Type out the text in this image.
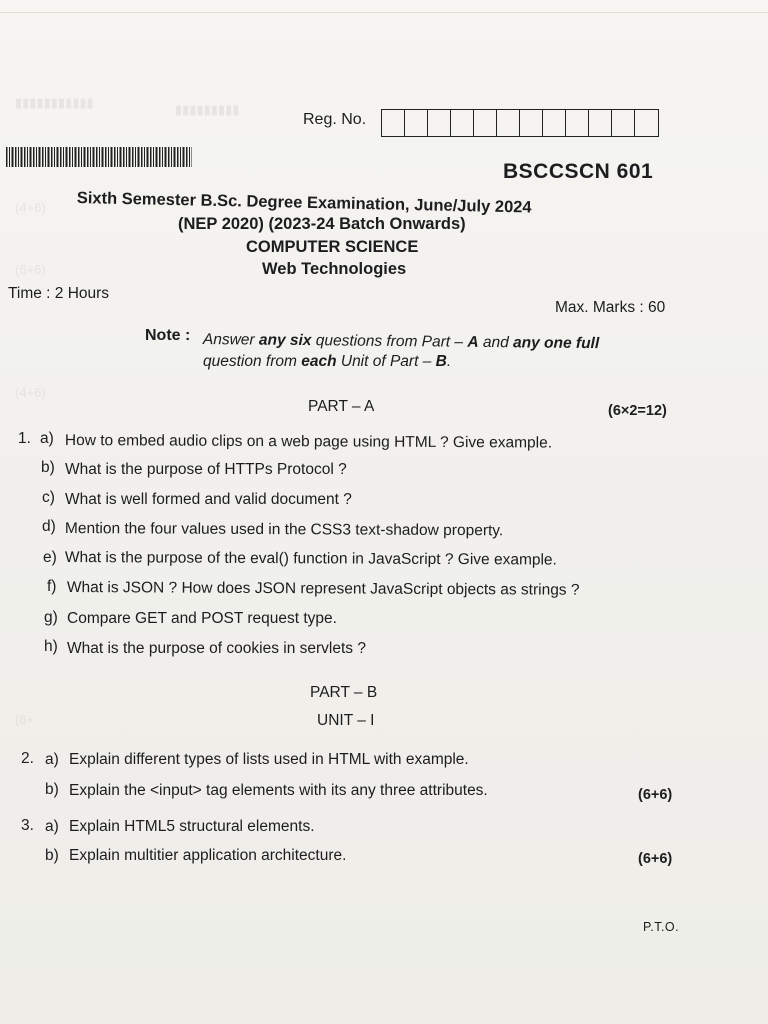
▮▮▮▮▮▮▮▮▮▮▮	▮▮▮▮▮▮▮▮▮
(4+6)
(6+6)
(4+6)
(6+
Reg. No.
BSCCSCN 601
Sixth Semester B.Sc. Degree Examination, June/July 2024
(NEP 2020) (2023-24 Batch Onwards)
COMPUTER SCIENCE
Web Technologies
Time : 2 Hours
Max. Marks : 60
Note : Answer any six questions from Part – A and any one full
question from each Unit of Part – B.
PART – A	(6×2=12)
1. a) How to embed audio clips on a web page using HTML ? Give example.
b) What is the purpose of HTTPs Protocol ?
c) What is well formed and valid document ?
d) Mention the four values used in the CSS3 text-shadow property.
e) What is the purpose of the eval() function in JavaScript ? Give example.
f) What is JSON ? How does JSON represent JavaScript objects as strings ?
g) Compare GET and POST request type.
h) What is the purpose of cookies in servlets ?
PART – B
UNIT – I
2. a) Explain different types of lists used in HTML with example.
b) Explain the <input> tag elements with its any three attributes.	(6+6)
3. a) Explain HTML5 structural elements.
b) Explain multitier application architecture.	(6+6)
P.T.O.
